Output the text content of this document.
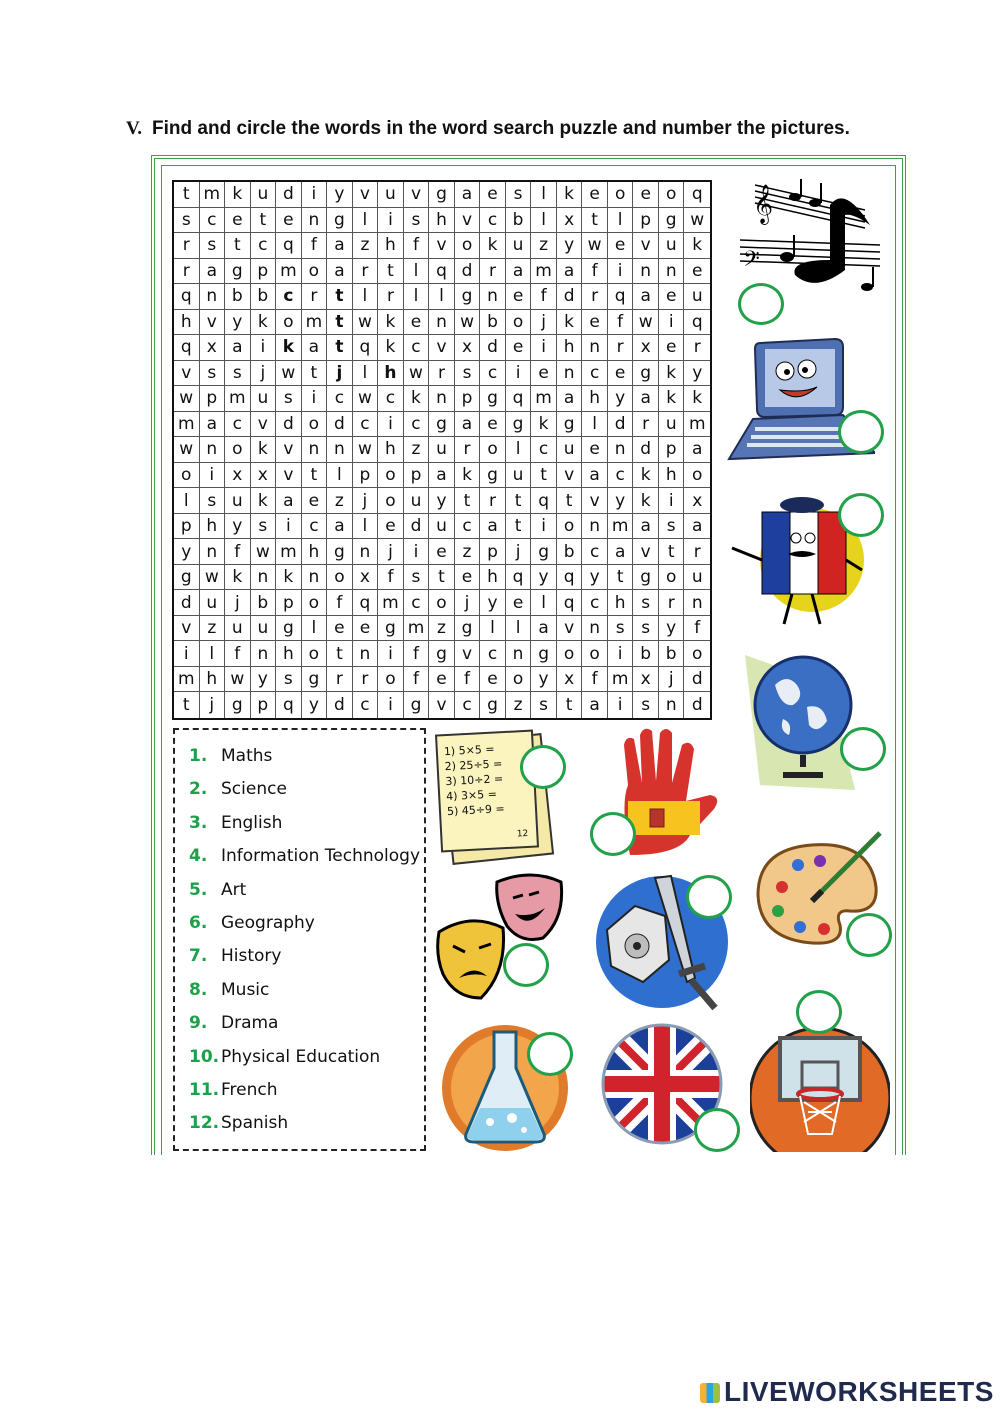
V. Find and circle the words in the word search puzzle and number the pictures.
t m k u d	i	y v u v g a e s	l	k e o e o q
s c e t e n g	l	i	s h v c b	l	x	t	l	p g w
r	s	t	c q	f	a z h	f	v o k u z y w e v u k
r a g p m o a r	t	l	q d r a m a	f	i	n n e
q n b b c r	t	l	r	l	l	g n e	f	d r q a e u
h v y k o m t w k e n w b o	j	k e	f w i	q
q x a	i	k a t q k c v x d e	i	h n r x e	r
v s s	j w t	j	l	h w r	s c	i	e n c e g k y
w p m u s	i	c w c k n p g q m a h y a k k
m a c v d o d c	i	c g a e g k g	l	d r u m
w n o k v n n w h z u r o	l	c u e n d p a
o	i	x x v	t	l	p o p a k g u t	v a c k h o
l	s u k a e z	j	o u y	t	r	t q t	v y k	i	x
p h y s	i	c a	l	e d u c a t	i	o n m a s a
y n	f w m h g n	j	i	e z p	j	g b c a v	t	r
g w k n k n o x	f	s	t e h q y q y	t g o u
d u	j	b p o	f	q m c o	j	y e	l	q c h s	r	n
v z u u g	l	e e g m z g	l	l	a v n s s y	f
i	l	f	n h o t n	i	f	g v c n g o o	i	b b o
m h w y s g r	r o	f	e	f	e o y x	f m x	j	d
t	j	g p q y d c	i	g v c g z s	t a	i	s n d
1. Maths
2. Science
3. English
4. Information Technology
5. Art
6. Geography
7. History
8. Music
9. Drama
10. Physical Education
11. French
12. Spanish
𝄞
𝄢
1) 5×5 =
2) 25÷5 =
3) 10÷2 =
4) 3×5 =
5) 45÷9 =
12
LIVEWORKSHEETS
